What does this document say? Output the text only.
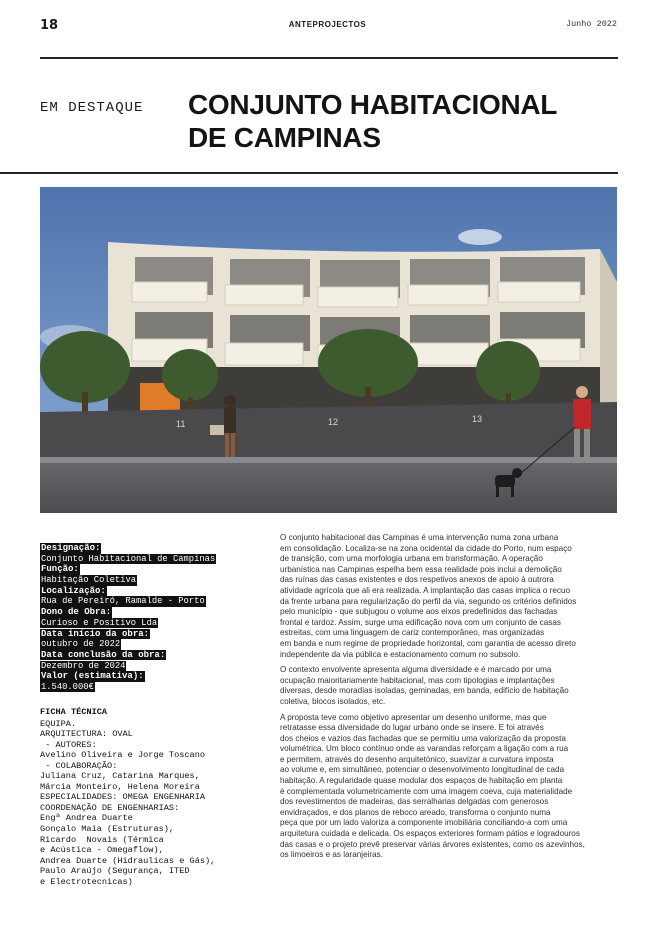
18	ANTEPROJECTOS	Junho 2022
EM DESTAQUE CONJUNTO HABITACIONAL
DE CAMPINAS
11	12	13
Designação:
Conjunto Habitacional de Campinas
Função:
Habitação Coletiva
Localização:
Rua de Pereiró, Ramalde - Porto
Dono de Obra:
Curioso e Positivo Lda
Data início da obra:
outubro de 2022
Data conclusão da obra:
Dezembro de 2024
Valor (estimativa):
1.540.000€
FICHA TÉCNICA
EQUIPA.
ARQUITECTURA: OVAL
- AUTORES:
Avelino Oliveira e Jorge Toscano
- COLABORAÇÃO:
Juliana Cruz, Catarina Marques,
Márcia Monteiro, Helena Moreira
ESPECIALIDADES: OMEGA ENGENHARIA
COORDENAÇÃO DE ENGENHARIAS:
Engª Andrea Duarte
Gonçalo Maia (Estruturas),
Ricardo  Novais (Térmica
e Acústica - Omegaflow),
Andrea Duarte (Hidraulicas e Gás),
Paulo Araújo (Segurança, ITED
e Electrotecnicas)
O conjunto habitacional das Campinas é uma intervenção numa zona urbana
em consolidação. Localiza-se na zona ocidental da cidade do Porto, num espaço
de transição, com uma morfologia urbana em transformação. A operação
urbanística nas Campinas espelha bem essa realidade pois inclui a demolição
das ruínas das casas existentes e dos respetivos anexos de apoio à outrora
atividade agrícola que ali era realizada. A implantação das casas implica o recuo
da frente urbana para regularização do perfil da via, segundo os critérios definidos
pelo município - que subjugou o volume aos eixos predefinidos das fachadas
frontal e tardoz. Assim, surge uma edificação nova com um conjunto de casas
estreitas, com uma linguagem de cariz contemporâneo, mas organizadas
em banda e num regime de propriedade horizontal, com garantia de acesso direto
independente da via pública e estacionamento comum no subsolo.
O contexto envolvente apresenta alguma diversidade e é marcado por uma
ocupação maioritariamente habitacional, mas com tipologias e implantações
diversas, desde moradias isoladas, geminadas, em banda, edifício de habitação
coletiva, blocos isolados, etc.
A proposta teve como objetivo apresentar um desenho uniforme, mas que
retratasse essa diversidade do lugar urbano onde se insere. E foi através
dos cheios e vazios das fachadas que se permitiu uma valorização da proposta
volumétrica. Um bloco contínuo onde as varandas reforçam a ligação com a rua
e permitem, através do desenho arquitetónico, suavizar a curvatura imposta
ao volume e, em simultâneo, potenciar o desenvolvimento longitudinal de cada
habitação. A regularidade quase modular dos espaços de habitação em planta
é complementada volumetricamente com uma imagem coeva, cuja materialidade
dos revestimentos de madeiras, das serralharias delgadas com generosos
envidraçados, e dos planos de reboco areado, transforma o conjunto numa
peça que por um lado valoriza a componente imobiliária conciliando-a com uma
arquitetura cuidada e delicada. Os espaços exteriores formam pátios e logradouros
das casas e o projeto prevê preservar várias árvores existentes, como os azevinhos,
os limoeiros e as laranjeiras.
